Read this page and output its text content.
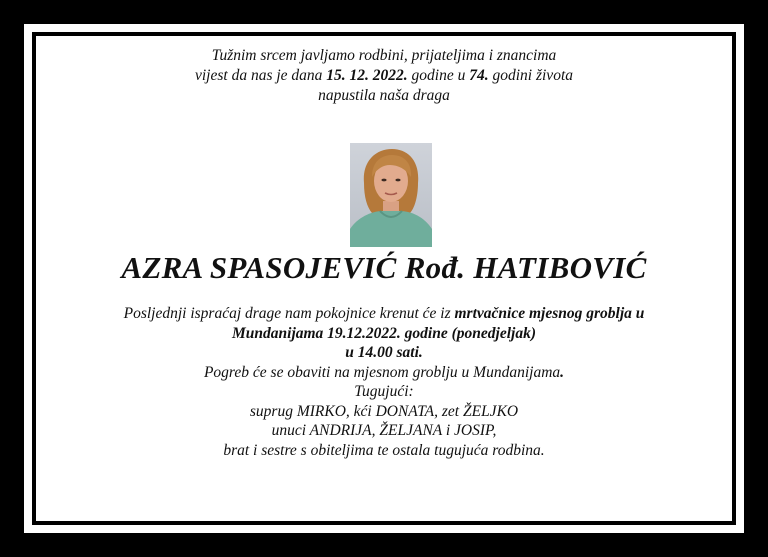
Tužnim srcem javljamo rodbini, prijateljima i znancima
vijest da nas je dana 15. 12. 2022. godine u 74. godini života
napustila naša draga
AZRA SPASOJEVIĆ Rođ. HATIBOVIĆ
Posljednji ispraćaj drage nam pokojnice krenut će iz mrtvačnice mjesnog groblja u
Mundanijama 19.12.2022. godine (ponedjeljak)
u 14.00 sati.
Pogreb će se obaviti na mjesnom groblju u Mundanijama.
Tugujući:
suprug MIRKO, kći DONATA, zet ŽELJKO
unuci ANDRIJA, ŽELJANA i JOSIP,
brat i sestre s obiteljima te ostala tugujuća rodbina.
